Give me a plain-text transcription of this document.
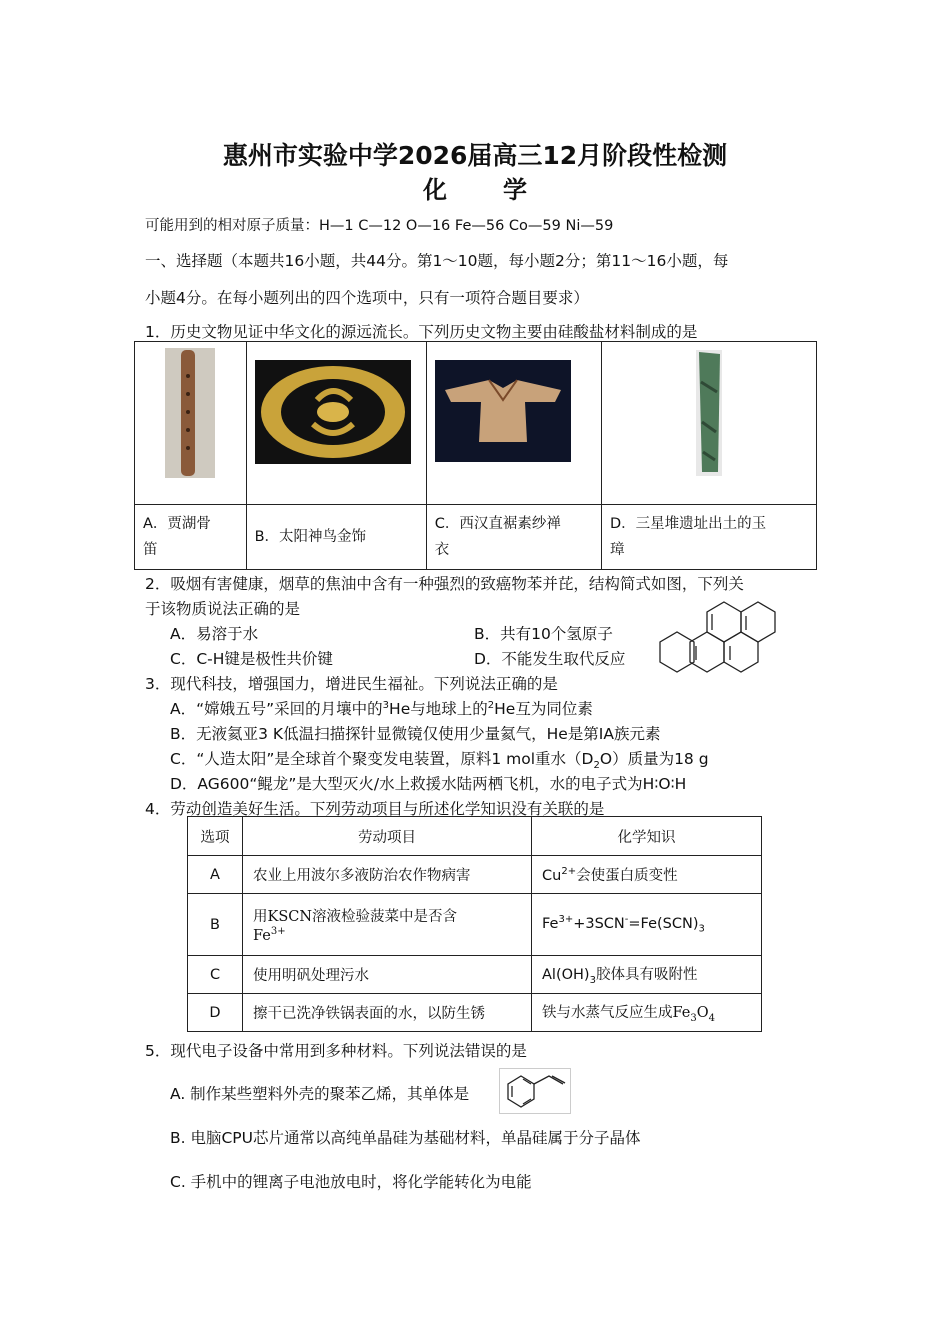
惠州市实验中学2026届高三12月阶段性检测
化 学
可能用到的相对原子质量：H—1 C—12 O—16 Fe—56 Co—59 Ni—59
一、选择题（本题共16小题，共44分。第1～10题，每小题2分；第11～16小题，每
小题4分。在每小题列出的四个选项中，只有一项符合题目要求）
1．历史文物见证中华文化的源远流长。下列历史文物主要由硅酸盐材料制成的是

A．贾湖骨
笛	B．太阳神鸟金饰	C．西汉直裾素纱禅
衣	D．三星堆遗址出土的玉
璋
2．吸烟有害健康，烟草的焦油中含有一种强烈的致癌物苯并芘，结构简式如图，下列关
于该物质说法正确的是
A．易溶于水	B．共有10个氢原子
C．C-H键是极性共价键	D．不能发生取代反应
3．现代科技，增强国力，增进民生福祉。下列说法正确的是
A．“嫦娥五号”采回的月壤中的$^3$He与地球上的$^2$He互为同位素
B．无液氦亚3 K低温扫描探针显微镜仅使用少量氦气，He是第ⅠA族元素
C．“人造太阳”是全球首个聚变发电装置，原料1 mol重水$(D_2O)$质量为18 g
D．AG600“鲲龙”是大型灭火/水上救援水陆两栖飞机，水的电子式为H∶O∶H
4．劳动创造美好生活。下列劳动项目与所述化学知识没有关联的是
选项	劳动项目	化学知识
A	农业上用波尔多液防治农作物病害	$Cu^{2+}$会使蛋白质变性
B	用KSCN溶液检验菠菜中是否含
$Fe^{3+}$	$Fe^{3+}+3SCN^-=Fe(SCN)_3$
C	使用明矾处理污水	$Al(OH)_3$胶体具有吸附性
D	擦干已洗净铁锅表面的水，以防生锈	铁与水蒸气反应生成$Fe_3O_4$
5．现代电子设备中常用到多种材料。下列说法错误的是
A. 制作某些塑料外壳的聚苯乙烯，其单体是
B. 电脑CPU芯片通常以高纯单晶硅为基础材料，单晶硅属于分子晶体
C. 手机中的锂离子电池放电时，将化学能转化为电能
